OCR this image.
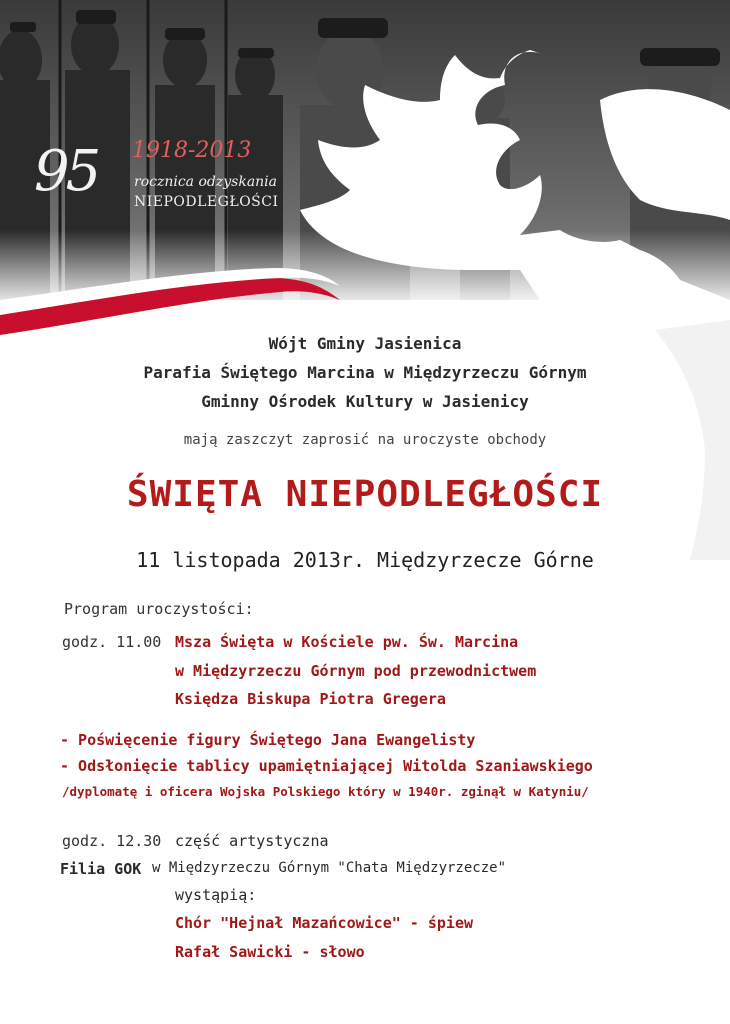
95 1918-2013
rocznica odzyskania
NIEPODLEGŁOŚCI
Wójt Gminy Jasienica
Parafia Świętego Marcina w Międzyrzeczu Górnym
Gminny Ośrodek Kultury w Jasienicy
mają zaszczyt zaprosić na uroczyste obchody
ŚWIĘTA NIEPODLEGŁOŚCI
11 listopada 2013r. Międzyrzecze Górne
Program uroczystości:
godz. 11.00 Msza Święta w Kościele pw. Św. Marcina
w Międzyrzeczu Górnym pod przewodnictwem
Księdza Biskupa Piotra Gregera
- Poświęcenie figury Świętego Jana Ewangelisty
- Odsłonięcie tablicy upamiętniającej Witolda Szaniawskiego
/dyplomatę i oficera Wojska Polskiego który w 1940r. zginął w Katyniu/
godz. 12.30 część artystyczna
Filia GOK w Międzyrzeczu Górnym "Chata Międzyrzecze"
wystąpią:
Chór "Hejnał Mazańcowice" - śpiew
Rafał Sawicki - słowo
